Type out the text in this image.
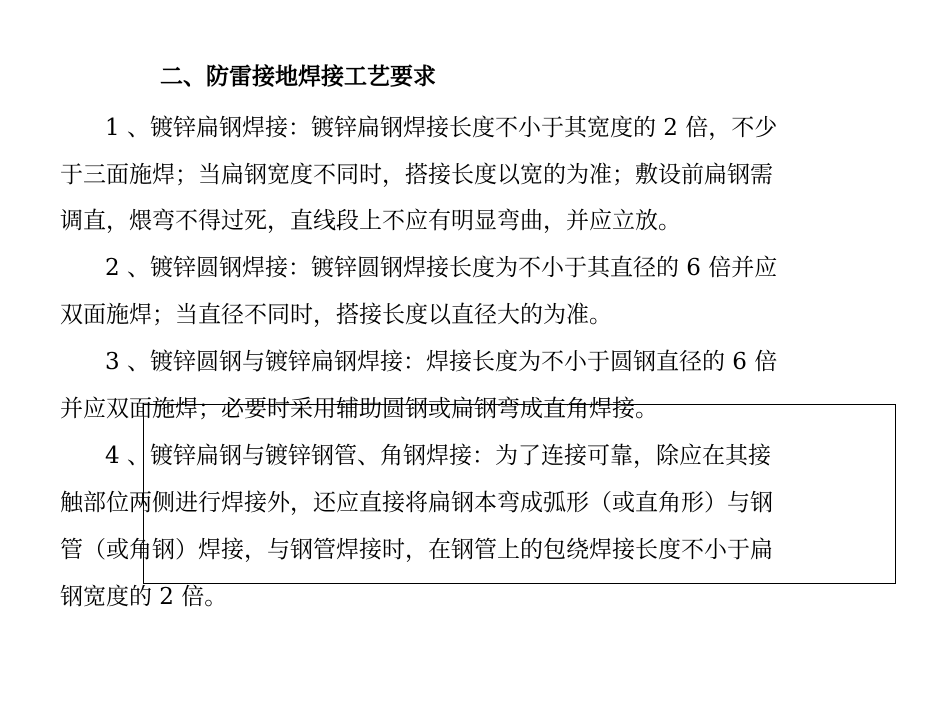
二、防雷接地焊接工艺要求
1 、镀锌扁钢焊接：镀锌扁钢焊接长度不小于其宽度的 2 倍，不少
于三面施焊；当扁钢宽度不同时，搭接长度以宽的为准；敷设前扁钢需
调直，煨弯不得过死，直线段上不应有明显弯曲，并应立放。
2 、镀锌圆钢焊接：镀锌圆钢焊接长度为不小于其直径的 6 倍并应
双面施焊；当直径不同时，搭接长度以直径大的为准。
3 、镀锌圆钢与镀锌扁钢焊接：焊接长度为不小于圆钢直径的 6 倍
并应双面施焊；必要时采用辅助圆钢或扁钢弯成直角焊接。
4 、镀锌扁钢与镀锌钢管、角钢焊接：为了连接可靠，除应在其接
触部位两侧进行焊接外，还应直接将扁钢本弯成弧形（或直角形）与钢
管（或角钢）焊接，与钢管焊接时，在钢管上的包绕焊接长度不小于扁
钢宽度的 2 倍。
